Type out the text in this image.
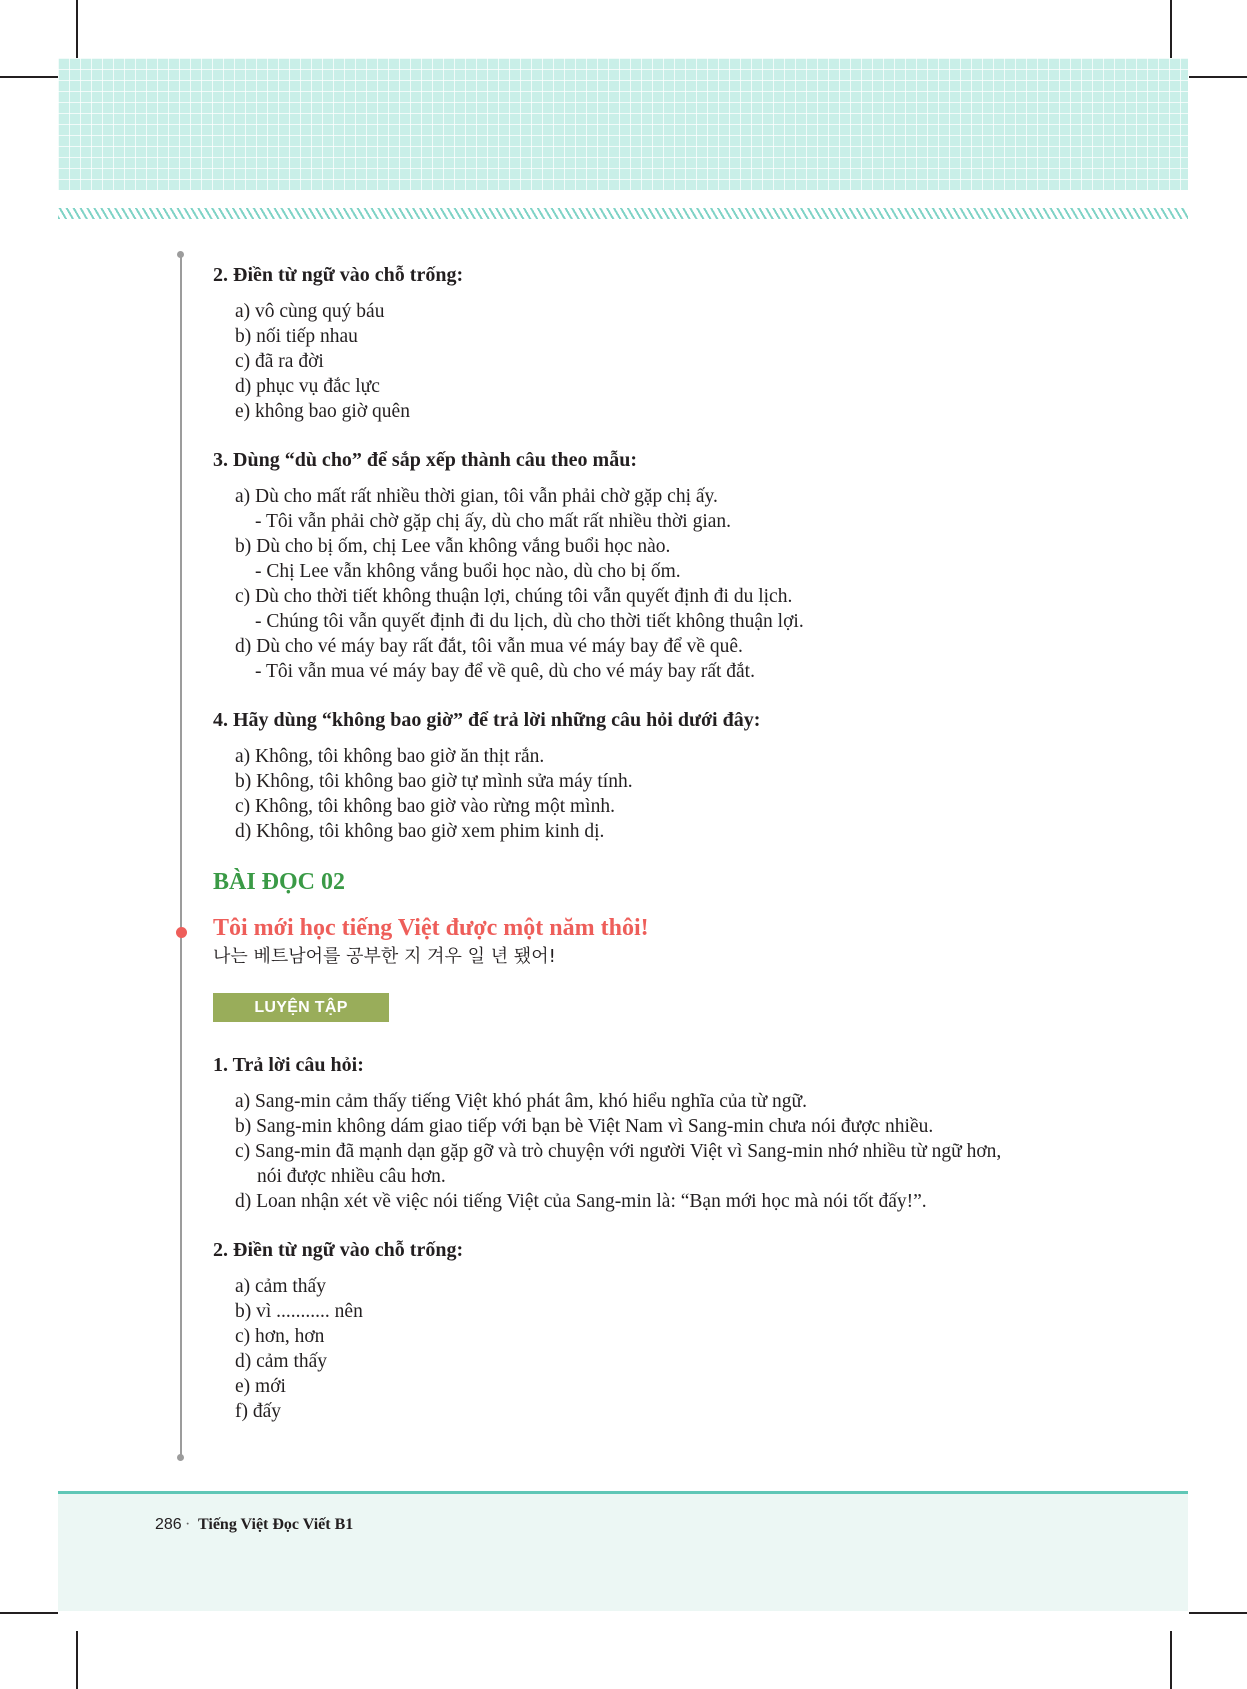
2. Điền từ ngữ vào chỗ trống:

a) vô cùng quý báu
b) nối tiếp nhau
c) đã ra đời
d) phục vụ đắc lực
e) không bao giờ quên

3. Dùng “dù cho” để sắp xếp thành câu theo mẫu:

a) Dù cho mất rất nhiều thời gian, tôi vẫn phải chờ gặp chị ấy.
- Tôi vẫn phải chờ gặp chị ấy, dù cho mất rất nhiều thời gian.
b) Dù cho bị ốm, chị Lee vẫn không vắng buổi học nào.
- Chị Lee vẫn không vắng buổi học nào, dù cho bị ốm.
c) Dù cho thời tiết không thuận lợi, chúng tôi vẫn quyết định đi du lịch.
- Chúng tôi vẫn quyết định đi du lịch, dù cho thời tiết không thuận lợi.
d) Dù cho vé máy bay rất đắt, tôi vẫn mua vé máy bay để về quê.
- Tôi vẫn mua vé máy bay để về quê, dù cho vé máy bay rất đắt.

4. Hãy dùng “không bao giờ” để trả lời những câu hỏi dưới đây:

a) Không, tôi không bao giờ ăn thịt rắn.
b) Không, tôi không bao giờ tự mình sửa máy tính.
c) Không, tôi không bao giờ vào rừng một mình.
d) Không, tôi không bao giờ xem phim kinh dị.

BÀI ĐỌC 02

Tôi mới học tiếng Việt được một năm thôi!

나는 베트남어를 공부한 지 겨우 일 년 됐어!

LUYỆN TẬP

1. Trả lời câu hỏi:

a) Sang-min cảm thấy tiếng Việt khó phát âm, khó hiểu nghĩa của từ ngữ.
b) Sang-min không dám giao tiếp với bạn bè Việt Nam vì Sang-min chưa nói được nhiều.
c) Sang-min đã mạnh dạn gặp gỡ và trò chuyện với người Việt vì Sang-min nhớ nhiều từ ngữ hơn, nói được nhiều câu hơn.
d) Loan nhận xét về việc nói tiếng Việt của Sang-min là: “Bạn mới học mà nói tốt đấy!”.

2. Điền từ ngữ vào chỗ trống:

a) cảm thấy
b) vì ........... nên
c) hơn, hơn
d) cảm thấy
e) mới
f) đấy
286 · Tiếng Việt Đọc Viết B1
